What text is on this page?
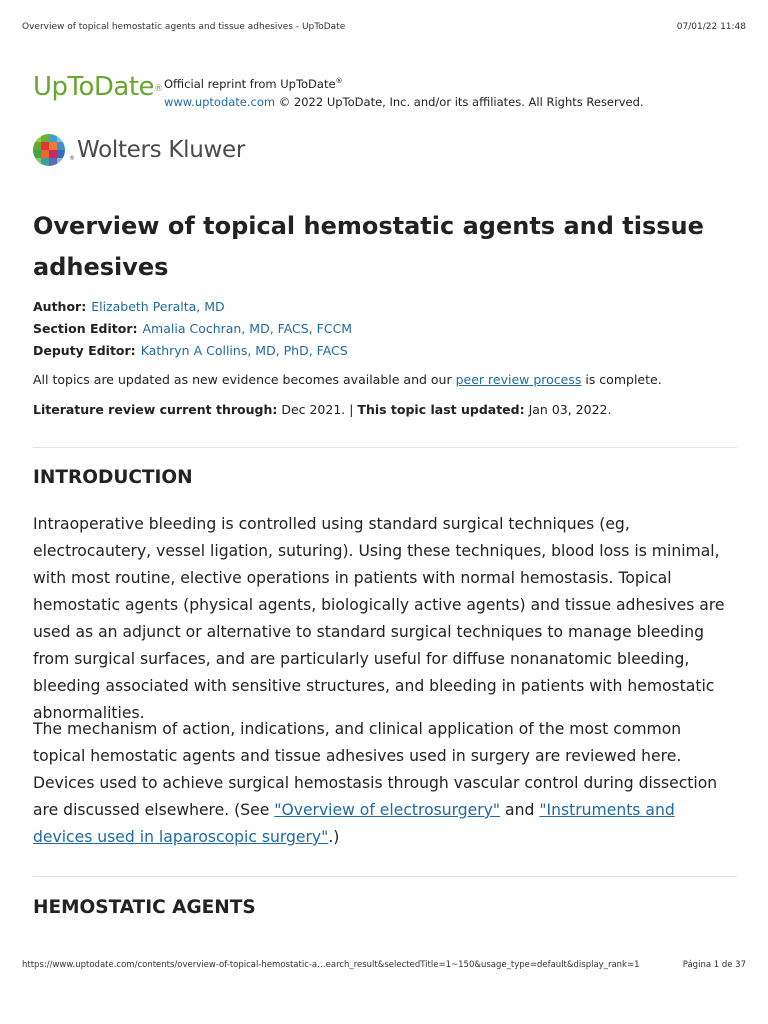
Overview of topical hemostatic agents and tissue adhesives - UpToDate	07/01/22 11:48
UpToDate® Official reprint from UpToDate®
www.uptodate.com © 2022 UpToDate, Inc. and/or its affiliates. All Rights Reserved.
® Wolters Kluwer
Overview of topical hemostatic agents and tissue adhesives
Author: Elizabeth Peralta, MD
Section Editor: Amalia Cochran, MD, FACS, FCCM
Deputy Editor: Kathryn A Collins, MD, PhD, FACS
All topics are updated as new evidence becomes available and our peer review process is complete.
Literature review current through: Dec 2021. | This topic last updated: Jan 03, 2022.
INTRODUCTION

Intraoperative bleeding is controlled using standard surgical techniques (eg, electrocautery, vessel ligation, suturing). Using these techniques, blood loss is minimal, with most routine, elective operations in patients with normal hemostasis. Topical hemostatic agents (physical agents, biologically active agents) and tissue adhesives are used as an adjunct or alternative to standard surgical techniques to manage bleeding from surgical surfaces, and are particularly useful for diffuse nonanatomic bleeding, bleeding associated with sensitive structures, and bleeding in patients with hemostatic abnormalities.

The mechanism of action, indications, and clinical application of the most common topical hemostatic agents and tissue adhesives used in surgery are reviewed here. Devices used to achieve surgical hemostasis through vascular control during dissection are discussed elsewhere. (See "Overview of electrosurgery" and "Instruments and devices used in laparoscopic surgery".)

HEMOSTATIC AGENTS
https://www.uptodate.com/contents/overview-of-topical-hemostatic-a…earch_result&selectedTitle=1~150&usage_type=default&display_rank=1	Página 1 de 37
